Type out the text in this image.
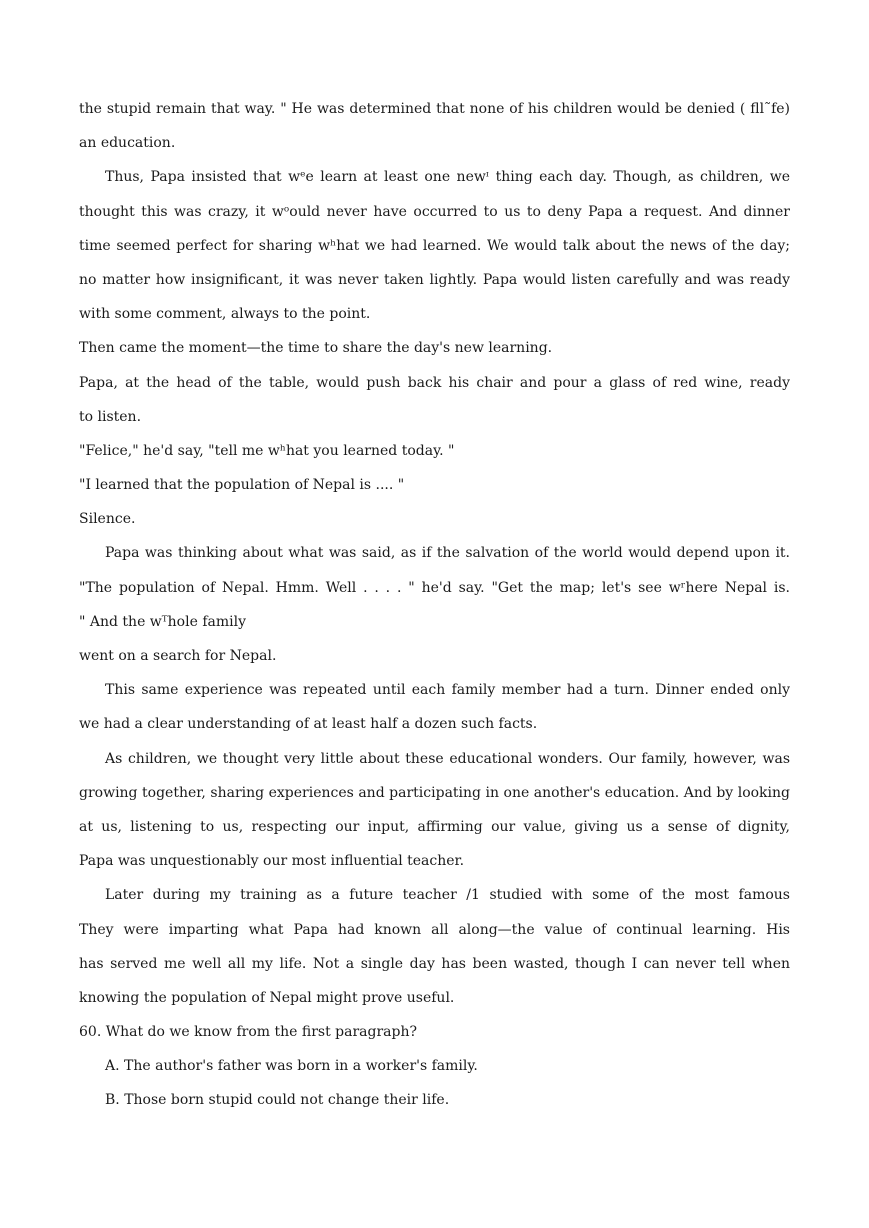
the stupid remain that way. " He was determined that none of his children would be denied ( fll˜fe)
an education.
Thus, Papa insisted that wᵉe learn at least one newᶦ thing each day. Though, as children, we
thought this was crazy, it wᵒould never have occurred to us to deny Papa a request. And dinner
time seemed perfect for sharing wʰhat we had learned. We would talk about the news of the day;
no matter how insignificant, it was never taken lightly. Papa would listen carefully and was ready
with some comment, always to the point.
Then came the moment—the time to share the day's new learning.
Papa, at the head of the table, would push back his chair and pour a glass of red wine, ready
to listen.
"Felice," he'd say, "tell me wʰhat you learned today. "
"I learned that the population of Nepal is .... "
Silence.
Papa was thinking about what was said, as if the salvation of the world would depend upon it.
"The population of Nepal. Hmm. Well . . . . " he'd say. "Get the map; let's see wʳhere Nepal is.
" And the wᵀhole family
went on a search for Nepal.
This same experience was repeated until each family member had a turn. Dinner ended only
we had a clear understanding of at least half a dozen such facts.
As children, we thought very little about these educational wonders. Our family, however, was
growing together, sharing experiences and participating in one another's education. And by looking
at us, listening to us, respecting our input, affirming our value, giving us a sense of dignity,
Papa was unquestionably our most influential teacher.
Later during my training as a future teacher /1 studied with some of the most famous
They were imparting what Papa had known all along—the value of continual learning. His
has served me well all my life. Not a single day has been wasted, though I can never tell when
knowing the population of Nepal might prove useful.
60. What do we know from the first paragraph?
A. The author's father was born in a worker's family.
B. Those born stupid could not change their life.
